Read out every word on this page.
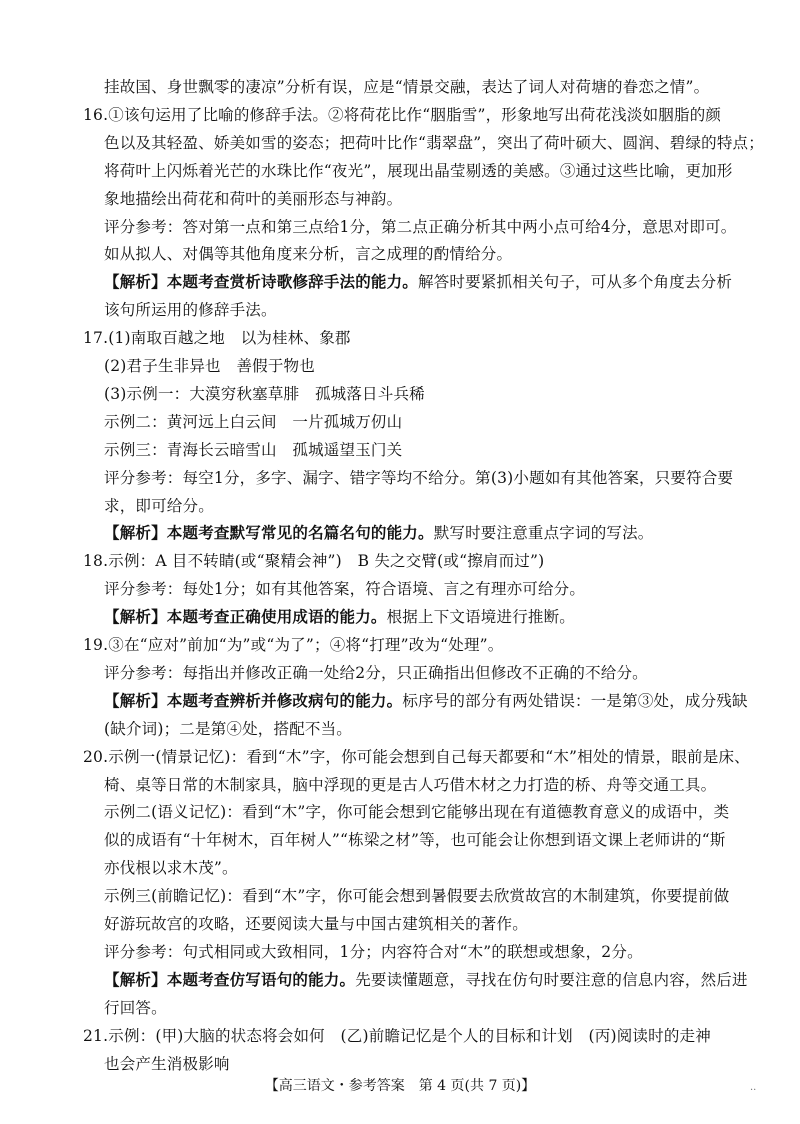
挂故国、身世飘零的凄凉”分析有误，应是“情景交融，表达了词人对荷塘的眷恋之情”。
16.①该句运用了比喻的修辞手法。②将荷花比作“胭脂雪”，形象地写出荷花浅淡如胭脂的颜
色以及其轻盈、娇美如雪的姿态；把荷叶比作“翡翠盘”，突出了荷叶硕大、圆润、碧绿的特点；
将荷叶上闪烁着光芒的水珠比作“夜光”，展现出晶莹剔透的美感。③通过这些比喻，更加形
象地描绘出荷花和荷叶的美丽形态与神韵。
评分参考：答对第一点和第三点给1分，第二点正确分析其中两小点可给4分，意思对即可。
如从拟人、对偶等其他角度来分析，言之成理的酌情给分。
【解析】本题考查赏析诗歌修辞手法的能力。解答时要紧抓相关句子，可从多个角度去分析
该句所运用的修辞手法。
17.(1)南取百越之地　以为桂林、象郡
(2)君子生非异也　善假于物也
(3)示例一：大漠穷秋塞草腓　孤城落日斗兵稀
示例二：黄河远上白云间　一片孤城万仞山
示例三：青海长云暗雪山　孤城遥望玉门关
评分参考：每空1分，多字、漏字、错字等均不给分。第(3)小题如有其他答案，只要符合要
求，即可给分。
【解析】本题考查默写常见的名篇名句的能力。默写时要注意重点字词的写法。
18.示例：A 目不转睛(或“聚精会神”)　B 失之交臂(或“擦肩而过”)
评分参考：每处1分；如有其他答案，符合语境、言之有理亦可给分。
【解析】本题考查正确使用成语的能力。根据上下文语境进行推断。
19.③在“应对”前加“为”或“为了”；④将“打理”改为“处理”。
评分参考：每指出并修改正确一处给2分，只正确指出但修改不正确的不给分。
【解析】本题考查辨析并修改病句的能力。标序号的部分有两处错误：一是第③处，成分残缺
(缺介词)；二是第④处，搭配不当。
20.示例一(情景记忆)：看到“木”字，你可能会想到自己每天都要和“木”相处的情景，眼前是床、
椅、桌等日常的木制家具，脑中浮现的更是古人巧借木材之力打造的桥、舟等交通工具。
示例二(语义记忆)：看到“木”字，你可能会想到它能够出现在有道德教育意义的成语中，类
似的成语有“十年树木，百年树人”“栋梁之材”等，也可能会让你想到语文课上老师讲的“斯
亦伐根以求木茂”。
示例三(前瞻记忆)：看到“木”字，你可能会想到暑假要去欣赏故宫的木制建筑，你要提前做
好游玩故宫的攻略，还要阅读大量与中国古建筑相关的著作。
评分参考：句式相同或大致相同，1分；内容符合对“木”的联想或想象，2分。
【解析】本题考查仿写语句的能力。先要读懂题意，寻找在仿句时要注意的信息内容，然后进
行回答。
21.示例：(甲)大脑的状态将会如何　(乙)前瞻记忆是个人的目标和计划　(丙)阅读时的走神
也会产生消极影响
【高三语文・参考答案　第 4 页(共 7 页)】	··
